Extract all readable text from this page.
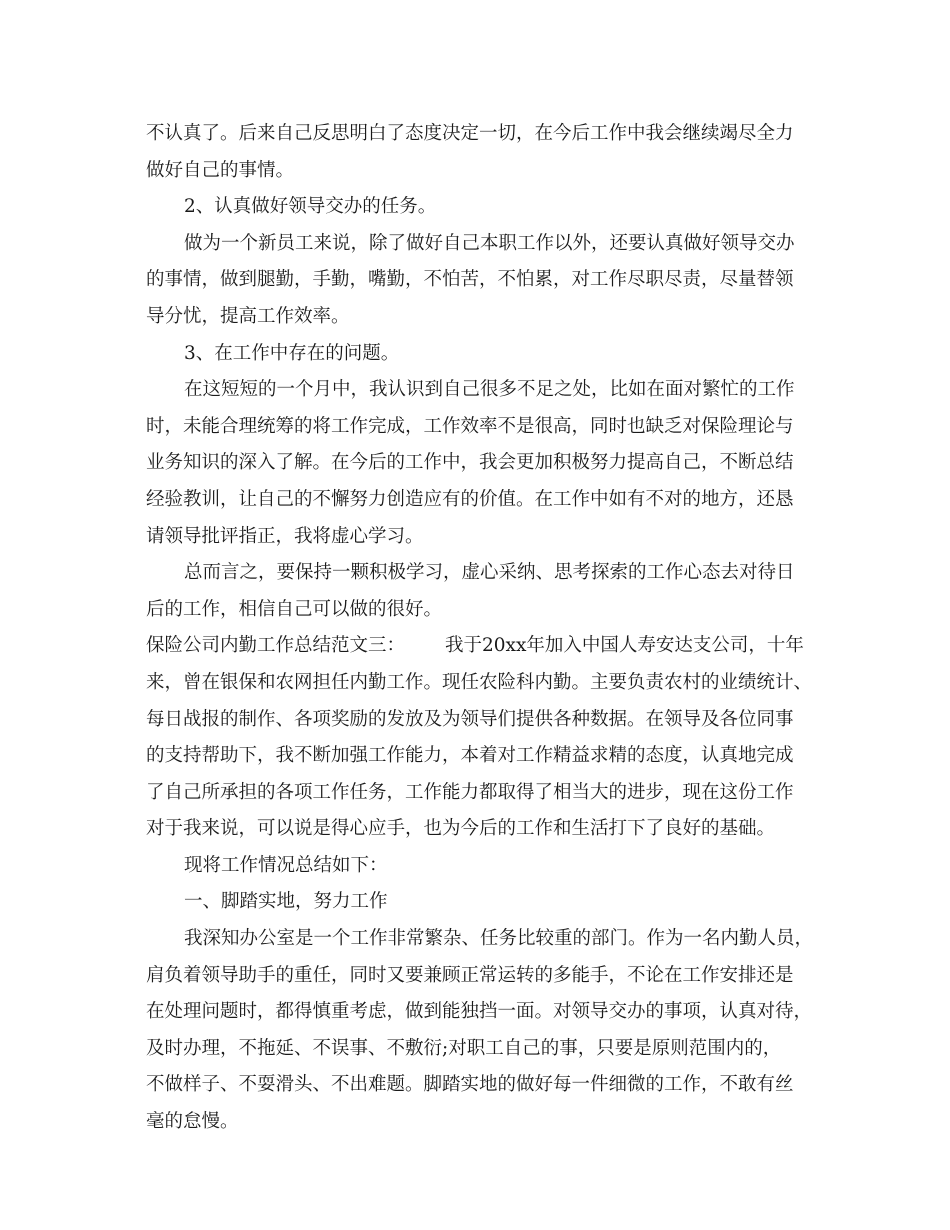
不认真了。后来自己反思明白了态度决定一切，在今后工作中我会继续竭尽全力
做好自己的事情。
2、认真做好领导交办的任务。
做为一个新员工来说，除了做好自己本职工作以外，还要认真做好领导交办
的事情，做到腿勤，手勤，嘴勤，不怕苦，不怕累，对工作尽职尽责，尽量替领
导分忧，提高工作效率。
3、在工作中存在的问题。
在这短短的一个月中，我认识到自己很多不足之处，比如在面对繁忙的工作
时，未能合理统筹的将工作完成，工作效率不是很高，同时也缺乏对保险理论与
业务知识的深入了解。在今后的工作中，我会更加积极努力提高自己，不断总结
经验教训，让自己的不懈努力创造应有的价值。在工作中如有不对的地方，还恳
请领导批评指正，我将虚心学习。
总而言之，要保持一颗积极学习，虚心采纳、思考探索的工作心态去对待日
后的工作，相信自己可以做的很好。
保险公司内勤工作总结范文三： 我于20xx年加入中国人寿安达支公司，十年
来，曾在银保和农网担任内勤工作。现任农险科内勤。主要负责农村的业绩统计、
每日战报的制作、各项奖励的发放及为领导们提供各种数据。在领导及各位同事
的支持帮助下，我不断加强工作能力，本着对工作精益求精的态度，认真地完成
了自己所承担的各项工作任务，工作能力都取得了相当大的进步，现在这份工作
对于我来说，可以说是得心应手，也为今后的工作和生活打下了良好的基础。
现将工作情况总结如下：
一、脚踏实地，努力工作
我深知办公室是一个工作非常繁杂、任务比较重的部门。作为一名内勤人员，
肩负着领导助手的重任，同时又要兼顾正常运转的多能手，不论在工作安排还是
在处理问题时，都得慎重考虑，做到能独挡一面。对领导交办的事项，认真对待，
及时办理，不拖延、不误事、不敷衍;对职工自己的事，只要是原则范围内的，
不做样子、不耍滑头、不出难题。脚踏实地的做好每一件细微的工作，不敢有丝
毫的怠慢。
